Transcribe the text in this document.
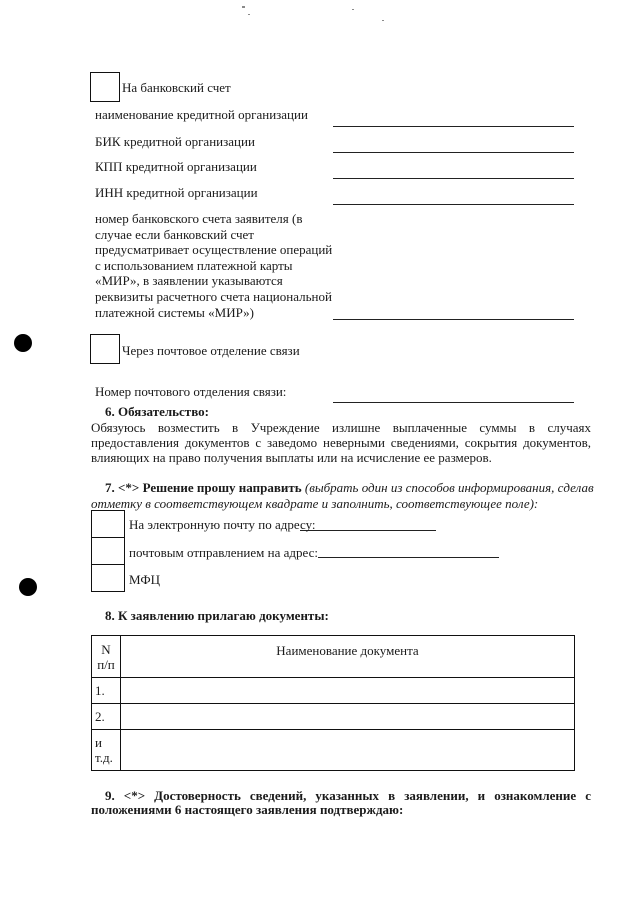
На банковский счет
наименование кредитной организации
БИК кредитной организации
КПП кредитной организации
ИНН кредитной организации
номер банковского счета заявителя (в
случае если банковский счет
предусматривает осуществление операций
с использованием платежной карты
«МИР», в заявлении указываются
реквизиты расчетного счета национальной
платежной системы «МИР»)
Через почтовое отделение связи
Номер почтового отделения связи:
6. Обязательство:
Обязуюсь возместить в Учреждение излишне выплаченные суммы в случаях
предоставления документов с заведомо неверными сведениями, сокрытия документов,
влияющих на право получения выплаты или на исчисление ее размеров.
7. <*> Решение прошу направить (выбрать один из способов информирования, сделав
отметку в соответствующем квадрате и заполнить, соответствующее поле):

На электронную почту по адресу:
почтовым отправлением на адрес:
МФЦ
8. К заявлению прилагаю документы:
N
п/п	Наименование документа
1.	
2.	

и
т.д.	

9. <*> Достоверность сведений, указанных в заявлении, и ознакомление с
положениями 6 настоящего заявления подтверждаю:
